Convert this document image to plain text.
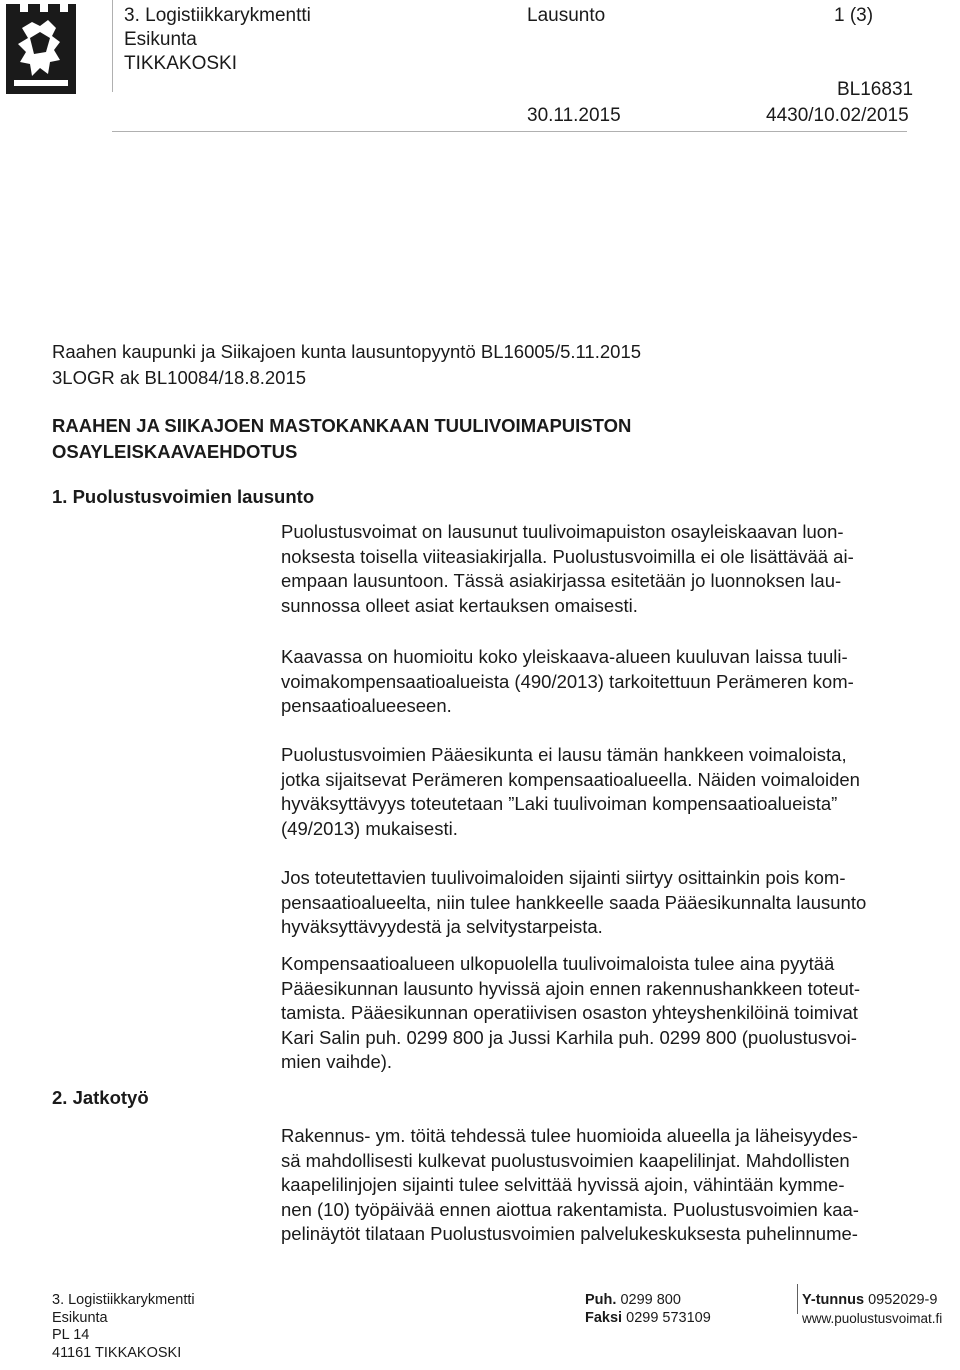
3. Logistiikkarykmentti
Esikunta
TIKKAKOSKI
Lausunto	1 (3)
BL16831
30.11.2015	4430/10.02/2015
Raahen kaupunki ja Siikajoen kunta lausuntopyyntö BL16005/5.11.2015
3LOGR ak BL10084/18.8.2015
RAAHEN JA SIIKAJOEN MASTOKANKAAN TUULIVOIMAPUISTON
OSAYLEISKAAVAEHDOTUS
1. Puolustusvoimien lausunto
2. Jatkotyö
Puolustusvoimat on lausunut tuulivoimapuiston osayleiskaavan luon-
noksesta toisella viiteasiakirjalla. Puolustusvoimilla ei ole lisättävää ai-
empaan lausuntoon. Tässä asiakirjassa esitetään jo luonnoksen lau-
sunnossa olleet asiat kertauksen omaisesti.
Kaavassa on huomioitu koko yleiskaava-alueen kuuluvan laissa tuuli-
voimakompensaatioalueista (490/2013) tarkoitettuun Perämeren kom-
pensaatioalueeseen.
Puolustusvoimien Pääesikunta ei lausu tämän hankkeen voimaloista,
jotka sijaitsevat Perämeren kompensaatioalueella. Näiden voimaloiden
hyväksyttävyys toteutetaan ”Laki tuulivoiman kompensaatioalueista”
(49/2013) mukaisesti.
Jos toteutettavien tuulivoimaloiden sijainti siirtyy osittainkin pois kom-
pensaatioalueelta, niin tulee hankkeelle saada Pääesikunnalta lausunto
hyväksyttävyydestä ja selvitystarpeista.
Kompensaatioalueen ulkopuolella tuulivoimaloista tulee aina pyytää
Pääesikunnan lausunto hyvissä ajoin ennen rakennushankkeen toteut-
tamista. Pääesikunnan operatiivisen osaston yhteyshenkilöinä toimivat
Kari Salin puh. 0299 800 ja Jussi Karhila puh. 0299 800 (puolustusvoi-
mien vaihde).
Rakennus- ym. töitä tehdessä tulee huomioida alueella ja läheisyydes-
sä mahdollisesti kulkevat puolustusvoimien kaapelilinjat. Mahdollisten
kaapelilinjojen sijainti tulee selvittää hyvissä ajoin, vähintään kymme-
nen (10) työpäivää ennen aiottua rakentamista. Puolustusvoimien kaa-
pelinäytöt tilataan Puolustusvoimien palvelukeskuksesta puhelinnume-
3. Logistiikkarykmentti
Esikunta
PL 14
41161 TIKKAKOSKI
Puh. 0299 800
Faksi 0299 573109
Y-tunnus 0952029-9
www.puolustusvoimat.fi
